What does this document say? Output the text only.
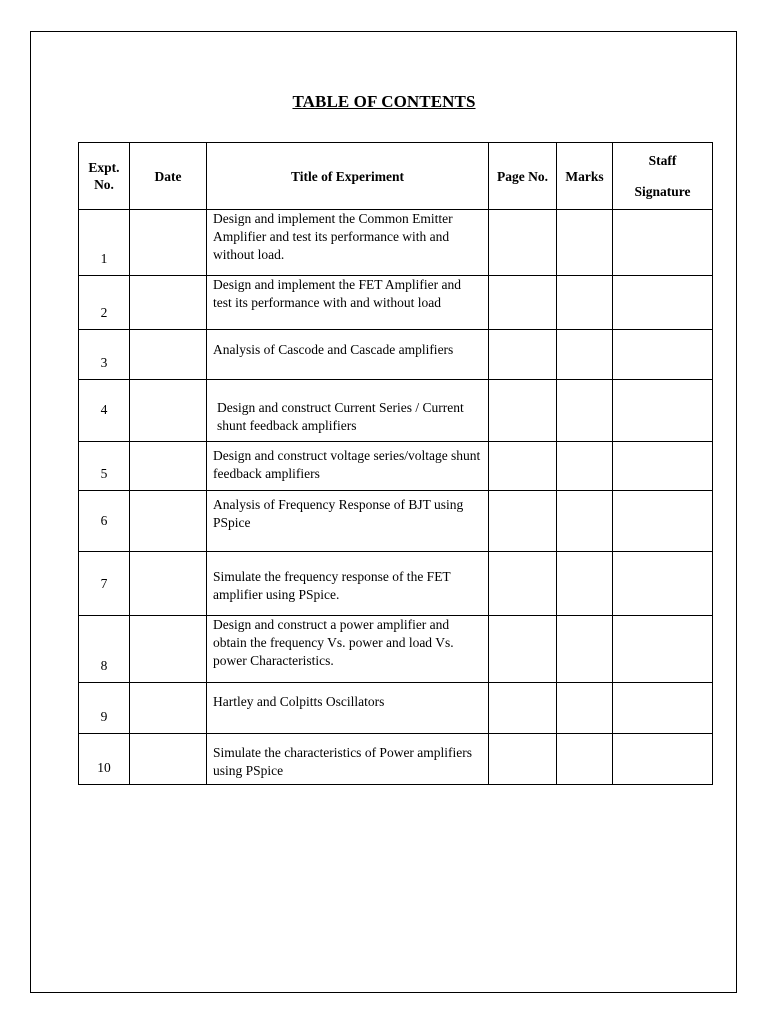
TABLE OF CONTENTS
Expt. No.	Date	Title of Experiment	Page No.	Marks	Staff
Signature
1		Design and implement the Common Emitter Amplifier and test its performance with and without load.			
2		Design and implement the FET Amplifier and test its performance with and without load			
3		Analysis of Cascode and Cascade amplifiers			
4		Design and construct Current Series / Current   shunt feedback amplifiers			
5		Design and construct voltage series/voltage shunt feedback amplifiers			
6		Analysis of Frequency Response of BJT using PSpice			
7		Simulate the frequency response of the FET amplifier using PSpice.			
8		Design and construct a power amplifier and obtain the frequency Vs. power and load Vs. power Characteristics.			
9		Hartley and Colpitts Oscillators			
10		Simulate the characteristics of Power amplifiers using PSpice			
